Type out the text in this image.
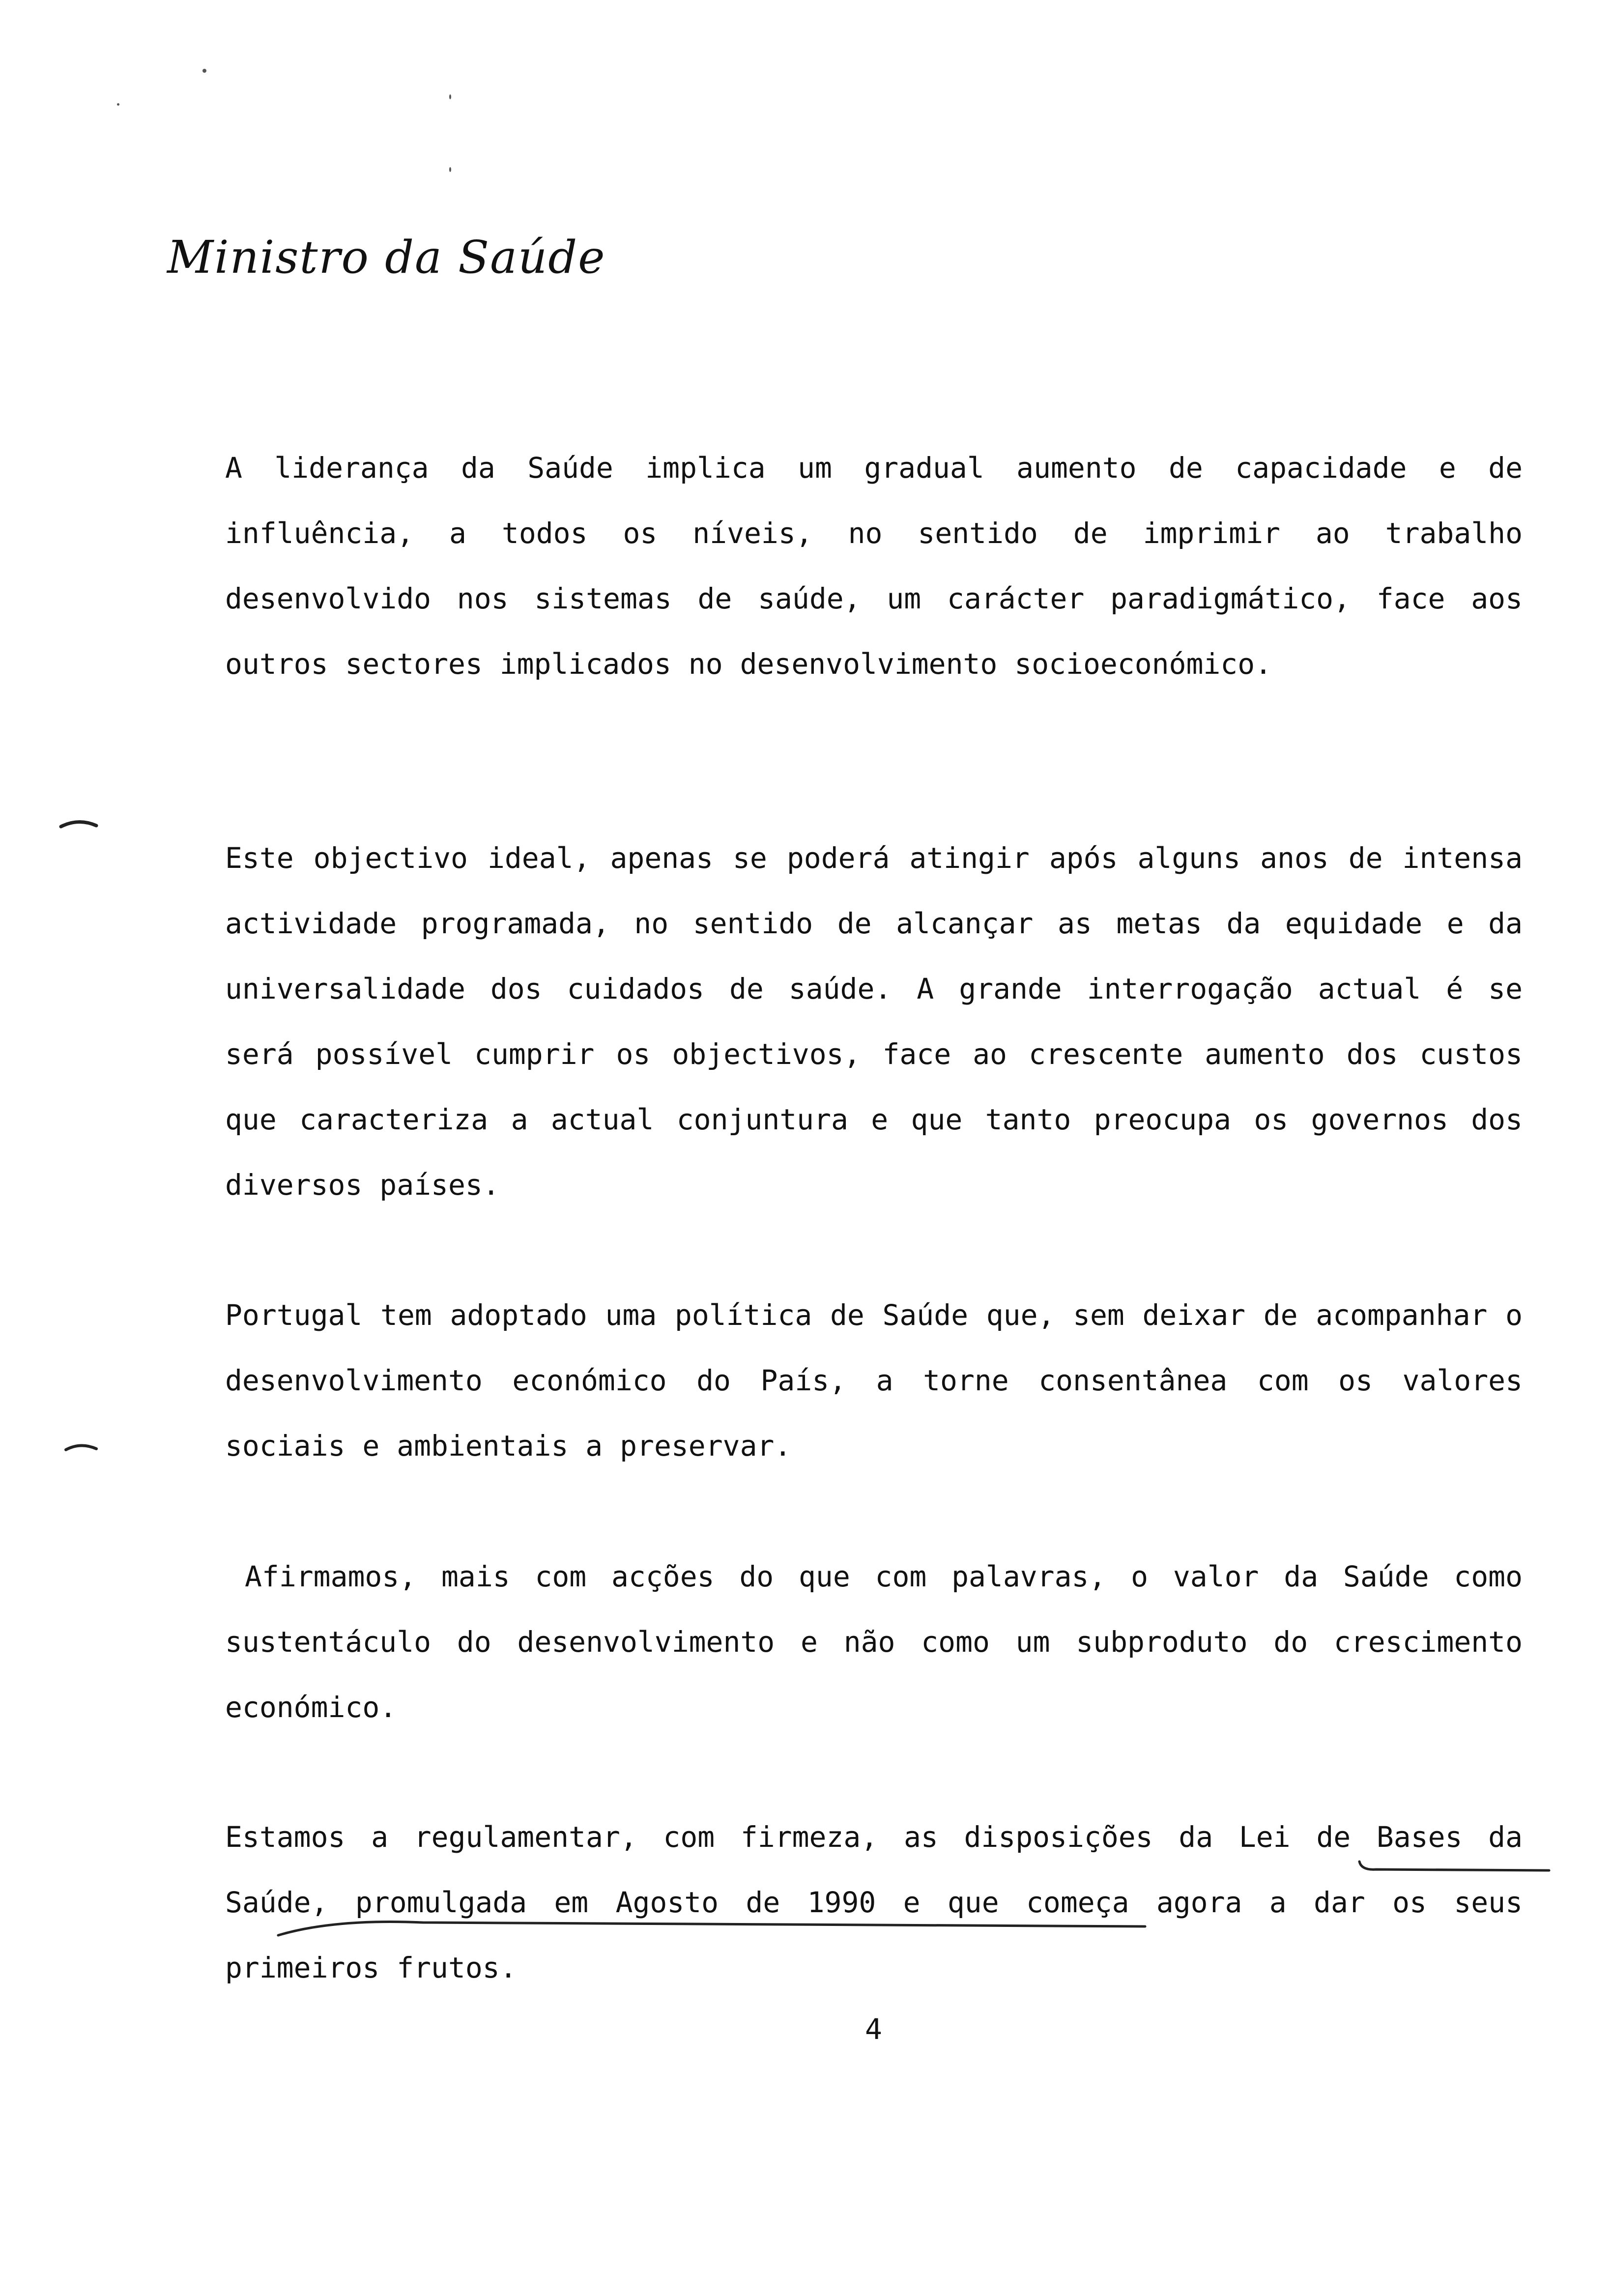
Ministro da Saúde

A liderança da Saúde implica um gradual aumento de capacidade e de influência, a todos os níveis, no sentido de imprimir ao trabalho desenvolvido nos sistemas de saúde, um carácter paradigmático, face aos outros sectores implicados no desenvolvimento socioeconómico.

Este objectivo ideal, apenas se poderá atingir após alguns anos de intensa actividade programada, no sentido de alcançar as metas da equidade e da universalidade dos cuidados de saúde. A grande interrogação actual é se será possível cumprir os objectivos, face ao crescente aumento dos custos que caracteriza a actual conjuntura e que tanto preocupa os governos dos diversos países.

Portugal tem adoptado uma política de Saúde que, sem deixar de acompanhar o desenvolvimento económico do País, a torne consentânea com os valores sociais e ambientais a preservar.

Afirmamos, mais com acções do que com palavras, o valor da Saúde como sustentáculo do desenvolvimento e não como um subproduto do crescimento económico.

Estamos a regulamentar, com firmeza, as disposições da Lei de Bases da Saúde, promulgada em Agosto de 1990 e que começa agora a dar os seus primeiros frutos.

4
